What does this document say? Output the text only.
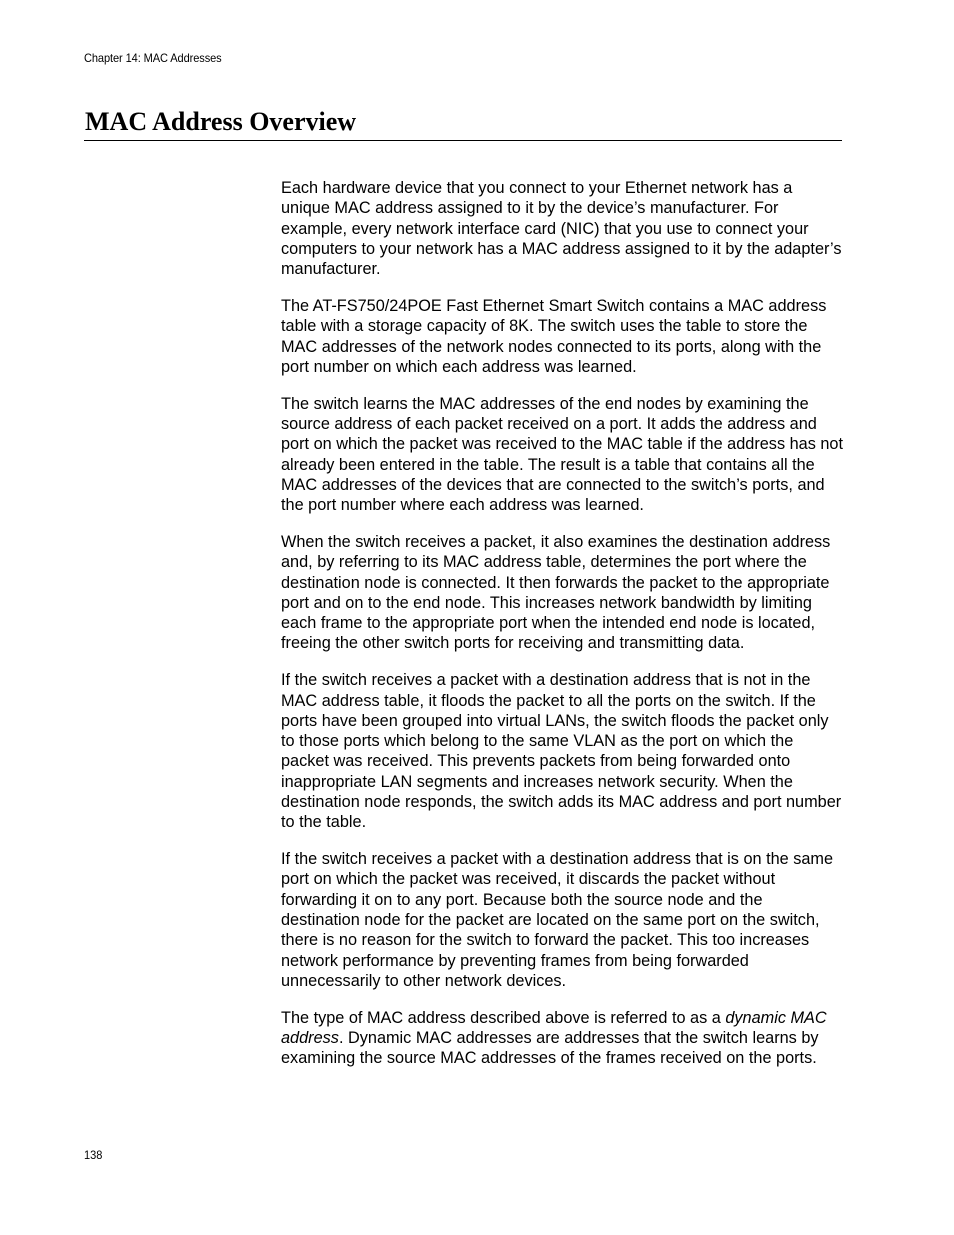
Chapter 14: MAC Addresses
MAC Address Overview

Each hardware device that you connect to your Ethernet network has a unique MAC address assigned to it by the device’s manufacturer. For example, every network interface card (NIC) that you use to connect your computers to your network has a MAC address assigned to it by the adapter’s manufacturer.

The AT-FS750/24POE Fast Ethernet Smart Switch contains a MAC address table with a storage capacity of 8K. The switch uses the table to store the MAC addresses of the network nodes connected to its ports, along with the port number on which each address was learned.

The switch learns the MAC addresses of the end nodes by examining the source address of each packet received on a port. It adds the address and port on which the packet was received to the MAC table if the address has not already been entered in the table. The result is a table that contains all the MAC addresses of the devices that are connected to the switch’s ports, and the port number where each address was learned.

When the switch receives a packet, it also examines the destination address and, by referring to its MAC address table, determines the port where the destination node is connected. It then forwards the packet to the appropriate port and on to the end node. This increases network bandwidth by limiting each frame to the appropriate port when the intended end node is located, freeing the other switch ports for receiving and transmitting data.

If the switch receives a packet with a destination address that is not in the MAC address table, it floods the packet to all the ports on the switch. If the ports have been grouped into virtual LANs, the switch floods the packet only to those ports which belong to the same VLAN as the port on which the packet was received. This prevents packets from being forwarded onto inappropriate LAN segments and increases network security. When the destination node responds, the switch adds its MAC address and port number to the table.

If the switch receives a packet with a destination address that is on the same port on which the packet was received, it discards the packet without forwarding it on to any port. Because both the source node and the destination node for the packet are located on the same port on the switch, there is no reason for the switch to forward the packet. This too increases network performance by preventing frames from being forwarded unnecessarily to other network devices.

The type of MAC address described above is referred to as a dynamic MAC address. Dynamic MAC addresses are addresses that the switch learns by examining the source MAC addresses of the frames received on the ports.

138
